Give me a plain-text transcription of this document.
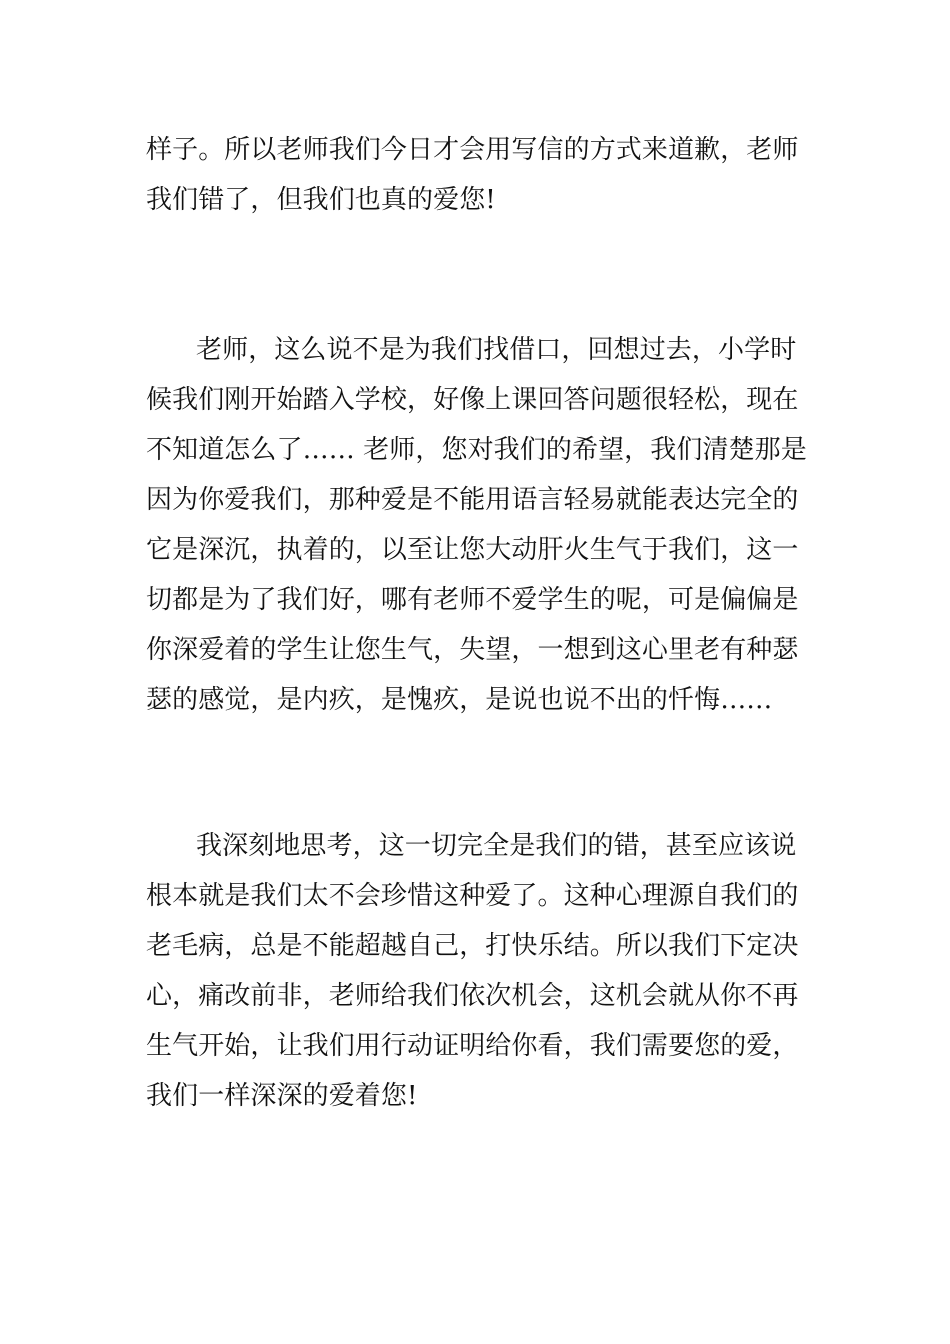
样子。所以老师我们今日才会用写信的方式来道歉，老师

我们错了，但我们也真的爱您!

老师，这么说不是为我们找借口，回想过去，小学时

候我们刚开始踏入学校，好像上课回答问题很轻松，现在

不知道怎么了…… 老师，您对我们的希望，我们清楚那是

因为你爱我们，那种爱是不能用语言轻易就能表达完全的

它是深沉，执着的，以至让您大动肝火生气于我们，这一

切都是为了我们好，哪有老师不爱学生的呢，可是偏偏是

你深爱着的学生让您生气，失望，一想到这心里老有种瑟

瑟的感觉，是内疚，是愧疚，是说也说不出的忏悔……

我深刻地思考，这一切完全是我们的错，甚至应该说

根本就是我们太不会珍惜这种爱了。这种心理源自我们的

老毛病，总是不能超越自己，打快乐结。所以我们下定决

心，痛改前非，老师给我们依次机会，这机会就从你不再

生气开始，让我们用行动证明给你看，我们需要您的爱，

我们一样深深的爱着您!
